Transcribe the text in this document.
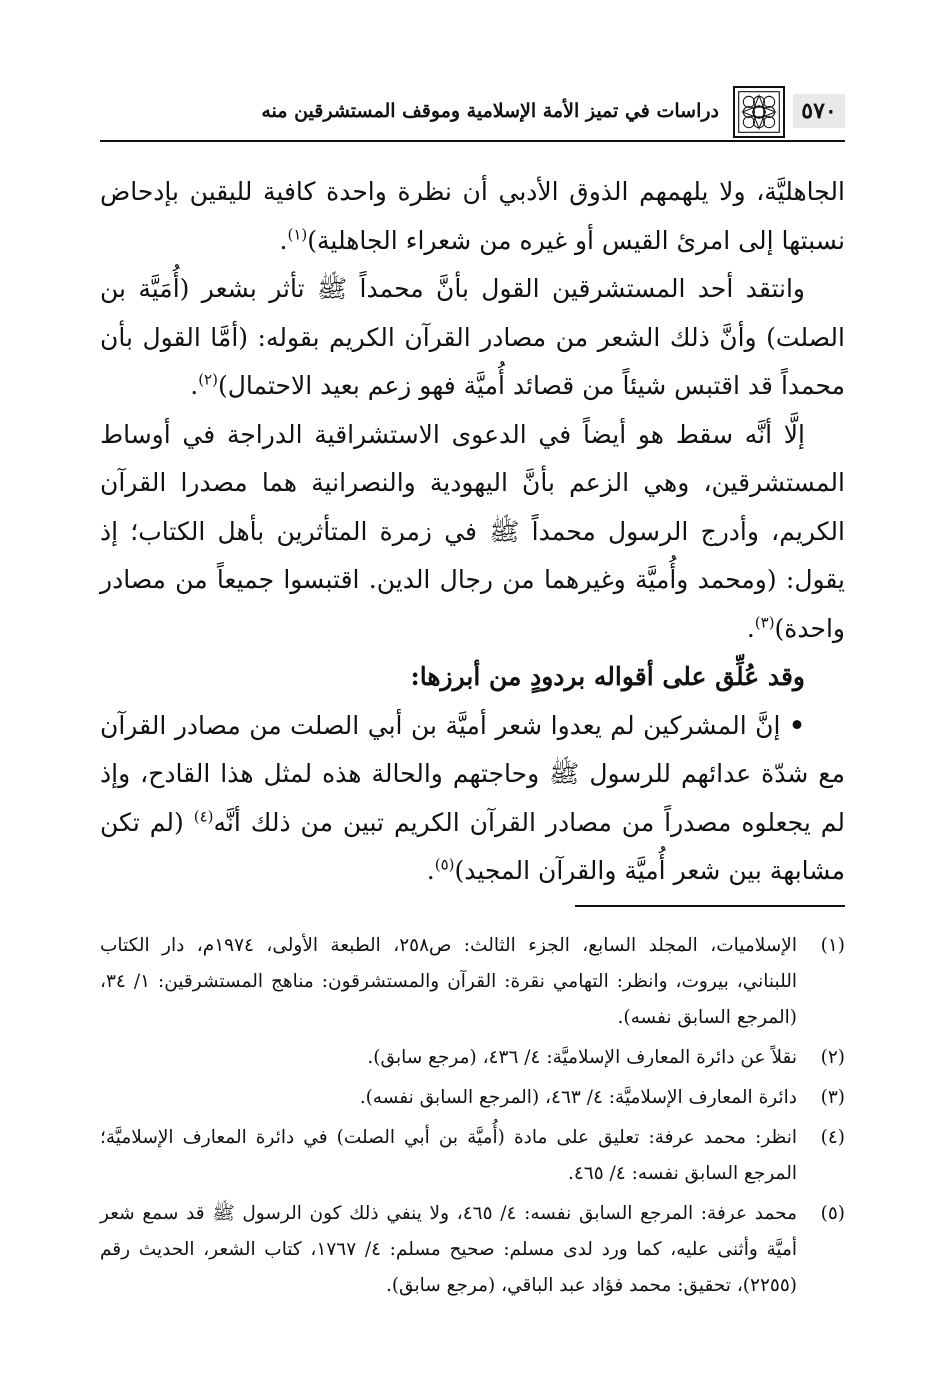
٥٧٠
دراسات في تميز الأمة الإسلامية وموقف المستشرقين منه

الجاهليَّة، ولا يلهمهم الذوق الأدبي أن نظرة واحدة كافية لليقين بإدحاض نسبتها إلى امرئ القيس أو غيره من شعراء الجاهلية)$^{(١)}$.

وانتقد أحد المستشرقين القول بأنَّ محمداً ﷺ تأثر بشعر (أُمَيَّة بن الصلت) وأنَّ ذلك الشعر من مصادر القرآن الكريم بقوله: (أمَّا القول بأن محمداً قد اقتبس شيئاً من قصائد أُميَّة فهو زعم بعيد الاحتمال)$^{(٢)}$.

إلَّا أنَّه سقط هو أيضاً في الدعوى الاستشراقية الدراجة في أوساط المستشرقين، وهي الزعم بأنَّ اليهودية والنصرانية هما مصدرا القرآن الكريم، وأدرج الرسول محمداً ﷺ في زمرة المتأثرين بأهل الكتاب؛ إذ يقول: (ومحمد وأُميَّة وغيرهما من رجال الدين. اقتبسوا جميعاً من مصادر واحدة)$^{(٣)}$.

وقد عُلِّق على أقواله بردودٍ من أبرزها:

• إنَّ المشركين لم يعدوا شعر أميَّة بن أبي الصلت من مصادر القرآن مع شدّة عدائهم للرسول ﷺ وحاجتهم والحالة هذه لمثل هذا القادح، وإذ لم يجعلوه مصدراً من مصادر القرآن الكريم تبين من ذلك أنَّه$^{(٤)}$ (لم تكن مشابهة بين شعر أُميَّة والقرآن المجيد)$^{(٥)}$.

(١)
الإسلاميات، المجلد السابع، الجزء الثالث: ص٢٥٨، الطبعة الأولى، ١٩٧٤م، دار الكتاب اللبناني، بيروت، وانظر: التهامي نقرة: القرآن والمستشرقون: مناهج المستشرقين: ١/ ٣٤، (المرجع السابق نفسه).

(٢)
نقلاً عن دائرة المعارف الإسلاميَّة: ٤/ ٤٣٦، (مرجع سابق).

(٣)
دائرة المعارف الإسلاميَّة: ٤/ ٤٦٣، (المرجع السابق نفسه).

(٤)
انظر: محمد عرفة: تعليق على مادة (أُميَّة بن أبي الصلت) في دائرة المعارف الإسلاميَّة؛ المرجع السابق نفسه: ٤/ ٤٦٥.

(٥)
محمد عرفة: المرجع السابق نفسه: ٤/ ٤٦٥، ولا ينفي ذلك كون الرسول ﷺ قد سمع شعر أميَّة وأثنى عليه، كما ورد لدى مسلم: صحيح مسلم: ٤/ ١٧٦٧، كتاب الشعر، الحديث رقم (٢٢٥٥)، تحقيق: محمد فؤاد عبد الباقي، (مرجع سابق).
